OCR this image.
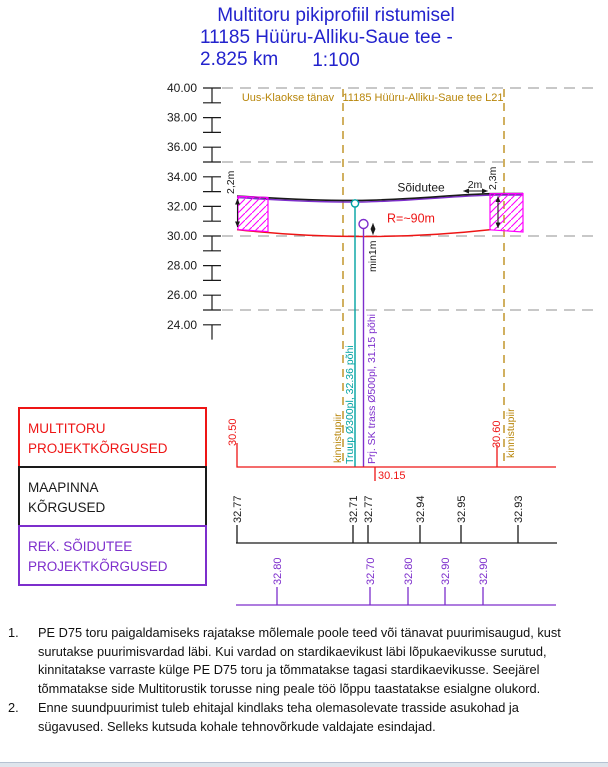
Multitoru pikiprofiil ristumisel
11185 Hüüru-Alliku-Saue tee - 2.825 km	1:100
40.00
38.00
36.00
34.00
32.00
30.00
28.00
26.00
24.00
Uus-Klaokse tänav 11185 Hüüru-Alliku-Saue tee L21
2,2m	2,3m
2m
min1m
Sõidutee
R=~90m
Truup Ø300pl, 32.36 põhi Prj. SK trass Ø500pl, 31.15 põhi
kinnistupiir	kinnistupiir
30.50
30.15
30.60
32.77	32.71 32.77	32.94	32.95	32.93
32.80	32.70 32.80 32.90 32.90
MULTITORU
PROJEKTKÕRGUSED
MAAPINNA
KÕRGUSED
REK. SÕIDUTEE
PROJEKTKÕRGUSED
1.	PE D75 toru paigaldamiseks rajatakse mõlemale poole teed või tänavat puurimisaugud, kust surutakse puurimisvardad läbi. Kui vardad on stardikaevikust läbi lõpukaevikusse surutud, kinnitatakse varraste külge PE D75 toru ja tõmmatakse tagasi stardikaevikusse. Seejärel tõmmatakse side Multitorustik torusse ning peale töö lõppu taastatakse esialgne olukord.
2.	Enne suundpuurimist tuleb ehitajal kindlaks teha olemasolevate trasside asukohad ja sügavused. Selleks kutsuda kohale tehnovõrkude valdajate esindajad.
